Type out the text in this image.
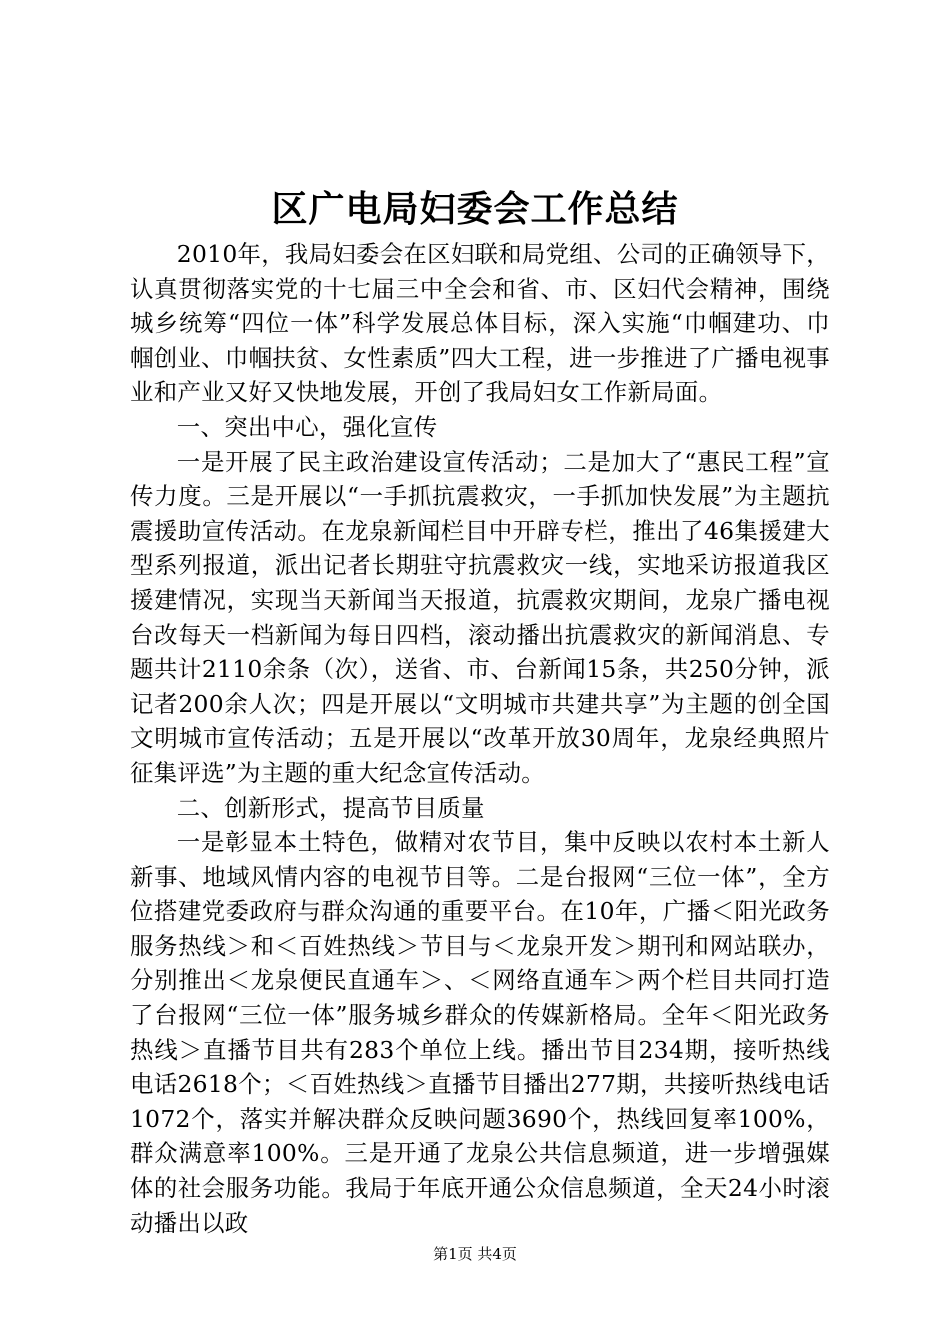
区广电局妇委会工作总结

2010年，我局妇委会在区妇联和局党组、公司的正确领导下，认真贯彻落实党的十七届三中全会和省、市、区妇代会精神，围绕城乡统筹“四位一体”科学发展总体目标，深入实施“巾帼建功、巾帼创业、巾帼扶贫、女性素质”四大工程，进一步推进了广播电视事业和产业又好又快地发展，开创了我局妇女工作新局面。

一、突出中心，强化宣传

一是开展了民主政治建设宣传活动；二是加大了“惠民工程”宣传力度。三是开展以“一手抓抗震救灾，一手抓加快发展”为主题抗震援助宣传活动。在龙泉新闻栏目中开辟专栏，推出了46集援建大型系列报道，派出记者长期驻守抗震救灾一线，实地采访报道我区援建情况，实现当天新闻当天报道，抗震救灾期间，龙泉广播电视台改每天一档新闻为每日四档，滚动播出抗震救灾的新闻消息、专题共计2110余条（次），送省、市、台新闻15条，共250分钟，派记者200余人次；四是开展以“文明城市共建共享”为主题的创全国文明城市宣传活动；五是开展以“改革开放30周年，龙泉经典照片征集评选”为主题的重大纪念宣传活动。

二、创新形式，提高节目质量

一是彰显本土特色，做精对农节目，集中反映以农村本土新人新事、地域风情内容的电视节目等。二是台报网“三位一体”，全方位搭建党委政府与群众沟通的重要平台。在10年，广播＜阳光政务服务热线＞和＜百姓热线＞节目与＜龙泉开发＞期刊和网站联办，分别推出＜龙泉便民直通车＞、＜网络直通车＞两个栏目共同打造了台报网“三位一体”服务城乡群众的传媒新格局。全年＜阳光政务热线＞直播节目共有283个单位上线。播出节目234期，接听热线电话2618个；＜百姓热线＞直播节目播出277期，共接听热线电话1072个，落实并解决群众反映问题3690个，热线回复率100%，群众满意率100%。三是开通了龙泉公共信息频道，进一步增强媒体的社会服务功能。我局于年底开通公众信息频道，全天24小时滚动播出以政

第1页 共4页
